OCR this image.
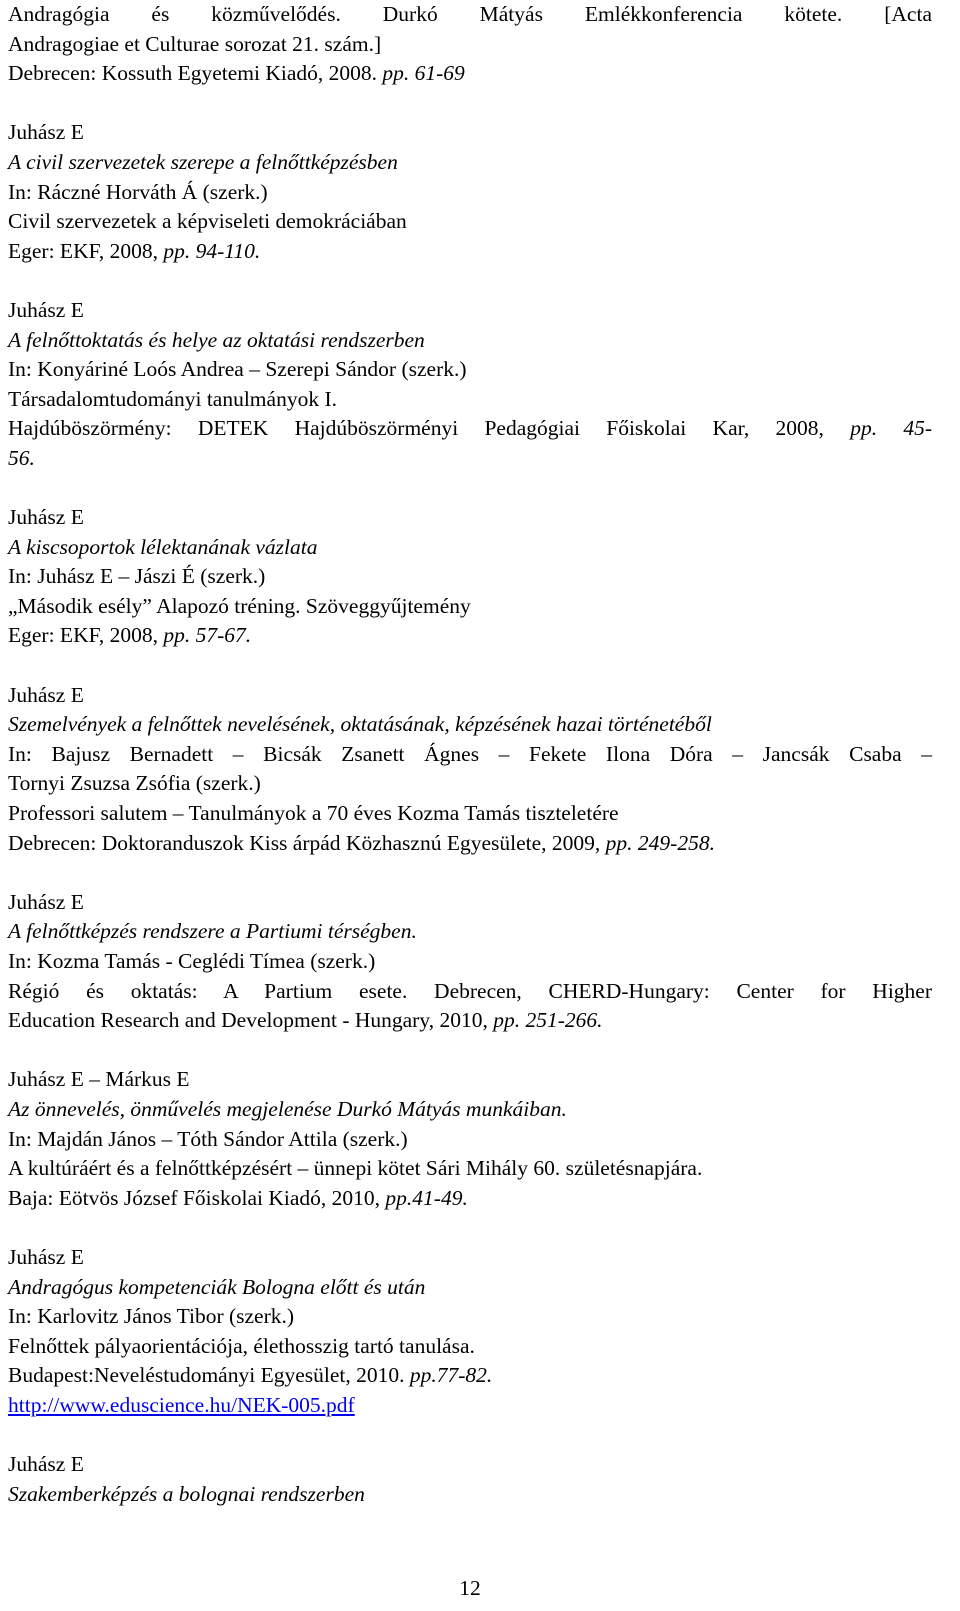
Andragógia és közművelődés. Durkó Mátyás Emlékkonferencia kötete. [Acta
Andragogiae et Culturae sorozat 21. szám.]
Debrecen: Kossuth Egyetemi Kiadó, 2008. pp. 61-69
Juhász E
A civil szervezetek szerepe a felnőttképzésben
In: Ráczné Horváth Á (szerk.)
Civil szervezetek a képviseleti demokráciában
Eger: EKF, 2008, pp. 94-110.
Juhász E
A felnőttoktatás és helye az oktatási rendszerben
In: Konyáriné Loós Andrea – Szerepi Sándor (szerk.)
Társadalomtudományi tanulmányok I.
Hajdúböszörmény: DETEK Hajdúböszörményi Pedagógiai Főiskolai Kar, 2008, pp. 45-
56.
Juhász E
A kiscsoportok lélektanának vázlata
In: Juhász E – Jászi É (szerk.)
„Második esély” Alapozó tréning. Szöveggyűjtemény
Eger: EKF, 2008, pp. 57-67.
Juhász E
Szemelvények a felnőttek nevelésének, oktatásának, képzésének hazai történetéből
In: Bajusz Bernadett – Bicsák Zsanett Ágnes – Fekete Ilona Dóra – Jancsák Csaba –
Tornyi Zsuzsa Zsófia (szerk.)
Professori salutem – Tanulmányok a 70 éves Kozma Tamás tiszteletére
Debrecen: Doktoranduszok Kiss árpád Közhasznú Egyesülete, 2009, pp. 249-258.
Juhász E
A felnőttképzés rendszere a Partiumi térségben.
In: Kozma Tamás - Ceglédi Tímea (szerk.)
Régió és oktatás: A Partium esete. Debrecen, CHERD-Hungary: Center for Higher
Education Research and Development - Hungary, 2010, pp. 251-266.
Juhász E – Márkus E
Az önnevelés, önművelés megjelenése Durkó Mátyás munkáiban.
In: Majdán János – Tóth Sándor Attila (szerk.)
A kultúráért és a felnőttképzésért – ünnepi kötet Sári Mihály 60. születésnapjára.
Baja: Eötvös József Főiskolai Kiadó, 2010, pp.41-49.
Juhász E
Andragógus kompetenciák Bologna előtt és után
In: Karlovitz János Tibor (szerk.)
Felnőttek pályaorientációja, élethosszig tartó tanulása.
Budapest:Neveléstudományi Egyesület, 2010. pp.77-82.
http://www.eduscience.hu/NEK-005.pdf
Juhász E
Szakemberképzés a bolognai rendszerben
12
